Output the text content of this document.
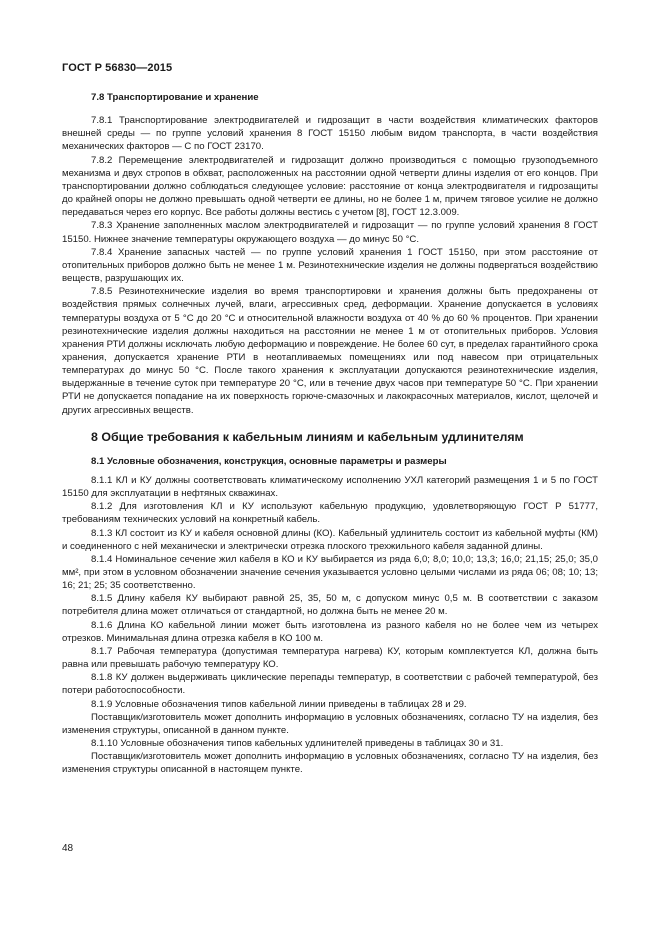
ГОСТ Р 56830—2015

7.8 Транспортирование и хранение

7.8.1 Транспортирование электродвигателей и гидрозащит в части воздействия климатических факторов внешней среды — по группе условий хранения 8 ГОСТ 15150 любым видом транспорта, в части воздействия механических факторов — С по ГОСТ 23170.

7.8.2 Перемещение электродвигателей и гидрозащит должно производиться с помощью грузоподъемного механизма и двух стропов в обхват, расположенных на расстоянии одной четверти длины изделия от его концов. При транспортировании должно соблюдаться следующее условие: расстояние от конца электродвигателя и гидрозащиты до крайней опоры не должно превышать одной четверти ее длины, но не более 1 м, причем тяговое усилие не должно передаваться через его корпус. Все работы должны вестись с учетом [8], ГОСТ 12.3.009.

7.8.3 Хранение заполненных маслом электродвигателей и гидрозащит — по группе условий хранения 8 ГОСТ 15150. Нижнее значение температуры окружающего воздуха — до минус 50 °С.

7.8.4 Хранение запасных частей — по группе условий хранения 1 ГОСТ 15150, при этом расстояние от отопительных приборов должно быть не менее 1 м. Резинотехнические изделия не должны подвергаться воздействию веществ, разрушающих их.

7.8.5 Резинотехнические изделия во время транспортировки и хранения должны быть предохранены от воздействия прямых солнечных лучей, влаги, агрессивных сред, деформации. Хранение допускается в условиях температуры воздуха от 5 °С до 20 °С и относительной влажности воздуха от 40 % до 60 % процентов. При хранении резинотехнические изделия должны находиться на расстоянии не менее 1 м от отопительных приборов. Условия хранения РТИ должны исключать любую деформацию и повреждение. Не более 60 сут, в пределах гарантийного срока хранения, допускается хранение РТИ в неотапливаемых помещениях или под навесом при отрицательных температурах до минус 50 °С. После такого хранения к эксплуатации допускаются резинотехнические изделия, выдержанные в течение суток при температуре 20 °С, или в течение двух часов при температуре 50 °С. При хранении РТИ не допускается попадание на их поверхность горюче-смазочных и лакокрасочных материалов, кислот, щелочей и других агрессивных веществ.

8 Общие требования к кабельным линиям и кабельным удлинителям

8.1 Условные обозначения, конструкция, основные параметры и размеры

8.1.1 КЛ и КУ должны соответствовать климатическому исполнению УХЛ категорий размещения 1 и 5 по ГОСТ 15150 для эксплуатации в нефтяных скважинах.

8.1.2 Для изготовления КЛ и КУ используют кабельную продукцию, удовлетворяющую ГОСТ Р 51777, требованиям технических условий на конкретный кабель.

8.1.3 КЛ состоит из КУ и кабеля основной длины (КО). Кабельный удлинитель состоит из кабельной муфты (КМ) и соединенного с ней механически и электрически отрезка плоского трехжильного кабеля заданной длины.

8.1.4 Номинальное сечение жил кабеля в КО и КУ выбирается из ряда 6,0; 8,0; 10,0; 13,3; 16,0; 21,15; 25,0; 35,0 мм², при этом в условном обозначении значение сечения указывается условно целыми числами из ряда 06; 08; 10; 13; 16; 21; 25; 35 соответственно.

8.1.5 Длину кабеля КУ выбирают равной 25, 35, 50 м, с допуском минус 0,5 м. В соответствии с заказом потребителя длина может отличаться от стандартной, но должна быть не менее 20 м.

8.1.6 Длина КО кабельной линии может быть изготовлена из разного кабеля но не более чем из четырех отрезков. Минимальная длина отрезка кабеля в КО 100 м.

8.1.7 Рабочая температура (допустимая температура нагрева) КУ, которым комплектуется КЛ, должна быть равна или превышать рабочую температуру КО.

8.1.8 КУ должен выдерживать циклические перепады температур, в соответствии с рабочей температурой, без потери работоспособности.

8.1.9 Условные обозначения типов кабельной линии приведены в таблицах 28 и 29.

Поставщик/изготовитель может дополнить информацию в условных обозначениях, согласно ТУ на изделия, без изменения структуры, описанной в данном пункте.

8.1.10 Условные обозначения типов кабельных удлинителей приведены в таблицах 30 и 31.

Поставщик/изготовитель может дополнить информацию в условных обозначениях, согласно ТУ на изделия, без изменения структуры описанной в настоящем пункте.

48
